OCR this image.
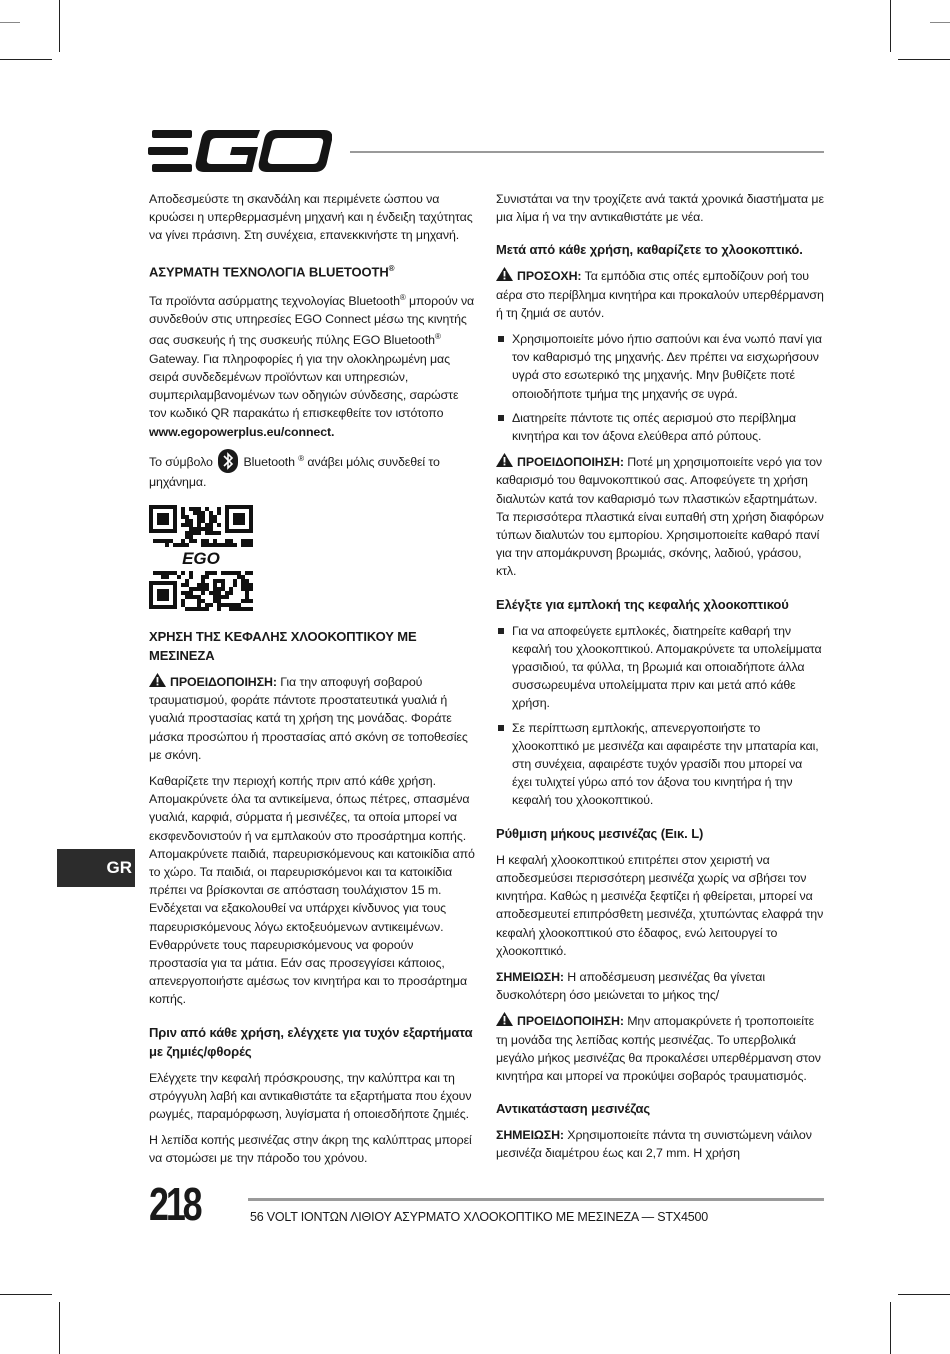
GR

Αποδεσμεύστε τη σκανδάλη και περιμένετε ώσπου να κρυώσει η υπερθερμασμένη μηχανή και η ένδειξη ταχύτητας να γίνει πράσινη. Στη συνέχεια, επανεκκινήστε τη μηχανή.

ΑΣΥΡΜΑΤΗ ΤΕΧΝΟΛΟΓΙΑ BLUETOOTH®

Τα προϊόντα ασύρματης τεχνολογίας Bluetooth® μπορούν να συνδεθούν στις υπηρεσίες EGO Connect μέσω της κινητής σας συσκευής ή της συσκευής πύλης EGO Bluetooth® Gateway. Για πληροφορίες ή για την ολοκληρωμένη μας σειρά συνδεδεμένων προϊόντων και υπηρεσιών, συμπεριλαμβανομένων των οδηγιών σύνδεσης, σαρώστε τον κωδικό QR παρακάτω ή επισκεφθείτε τον ιστότοπο www.egopowerplus.eu/connect.

Το σύμβολο Bluetooth ® ανάβει μόλις συνδεθεί το μηχάνημα.

EGO
ΧΡΗΣΗ ΤΗΣ ΚΕΦΑΛΗΣ ΧΛΟΟΚΟΠΤΙΚΟΥ ΜΕ ΜΕΣΙΝΕΖΑ

ΠΡΟΕΙΔΟΠΟΙΗΣΗ: Για την αποφυγή σοβαρού τραυματισμού, φοράτε πάντοτε προστατευτικά γυαλιά ή γυαλιά προστασίας κατά τη χρήση της μονάδας. Φοράτε μάσκα προσώπου ή προστασίας από σκόνη σε τοποθεσίες με σκόνη.

Καθαρίζετε την περιοχή κοπής πριν από κάθε χρήση. Απομακρύνετε όλα τα αντικείμενα, όπως πέτρες, σπασμένα γυαλιά, καρφιά, σύρματα ή μεσινέζες, τα οποία μπορεί να εκσφενδονιστούν ή να εμπλακούν στο προσάρτημα κοπής. Απομακρύνετε παιδιά, παρευρισκόμενους και κατοικίδια από το χώρο. Τα παιδιά, οι παρευρισκόμενοι και τα κατοικίδια πρέπει να βρίσκονται σε απόσταση τουλάχιστον 15 m. Ενδέχεται να εξακολουθεί να υπάρχει κίνδυνος για τους παρευρισκόμενους λόγω εκτοξευόμενων αντικειμένων. Ενθαρρύνετε τους παρευρισκόμενους να φορούν προστασία για τα μάτια. Εάν σας προσεγγίσει κάποιος, απενεργοποιήστε αμέσως τον κινητήρα και το προσάρτημα κοπής.

Πριν από κάθε χρήση, ελέγχετε για τυχόν εξαρτήματα με ζημιές/φθορές

Ελέγχετε την κεφαλή πρόσκρουσης, την καλύπτρα και τη στρόγγυλη λαβή και αντικαθιστάτε τα εξαρτήματα που έχουν ρωγμές, παραμόρφωση, λυγίσματα ή οποιεσδήποτε ζημιές.

Η λεπίδα κοπής μεσινέζας στην άκρη της καλύπτρας μπορεί να στομώσει με την πάροδο του χρόνου.

Συνιστάται να την τροχίζετε ανά τακτά χρονικά διαστήματα με μια λίμα ή να την αντικαθιστάτε με νέα.

Μετά από κάθε χρήση, καθαρίζετε το χλοοκοπτικό.

ΠΡΟΣΟΧΗ: Τα εμπόδια στις οπές εμποδίζουν ροή του αέρα στο περίβλημα κινητήρα και προκαλούν υπερθέρμανση ή τη ζημιά σε αυτόν.

Χρησιμοποιείτε μόνο ήπιο σαπούνι και ένα νωπό πανί για τον καθαρισμό της μηχανής. Δεν πρέπει να εισχωρήσουν υγρά στο εσωτερικό της μηχανής. Μην βυθίζετε ποτέ οποιοδήποτε τμήμα της μηχανής σε υγρά.
Διατηρείτε πάντοτε τις οπές αερισμού στο περίβλημα κινητήρα και τον άξονα ελεύθερα από ρύπους.

ΠΡΟΕΙΔΟΠΟΙΗΣΗ: Ποτέ μη χρησιμοποιείτε νερό για τον καθαρισμό του θαμνοκοπτικού σας. Αποφεύγετε τη χρήση διαλυτών κατά τον καθαρισμό των πλαστικών εξαρτημάτων. Τα περισσότερα πλαστικά είναι ευπαθή στη χρήση διαφόρων τύπων διαλυτών του εμπορίου. Χρησιμοποιείτε καθαρό πανί για την απομάκρυνση βρωμιάς, σκόνης, λαδιού, γράσου, κτλ.

Ελέγξτε για εμπλοκή της κεφαλής χλοοκοπτικού
Για να αποφεύγετε εμπλοκές, διατηρείτε καθαρή την κεφαλή του χλοοκοπτικού. Απομακρύνετε τα υπολείμματα γρασιδιού, τα φύλλα, τη βρωμιά και οποιαδήποτε άλλα συσσωρευμένα υπολείμματα πριν και μετά από κάθε χρήση.
Σε περίπτωση εμπλοκής, απενεργοποιήστε το χλοοκοπτικό με μεσινέζα και αφαιρέστε την μπαταρία και, στη συνέχεια, αφαιρέστε τυχόν γρασίδι που μπορεί να έχει τυλιχτεί γύρω από τον άξονα του κινητήρα ή την κεφαλή του χλοοκοπτικού.
Ρύθμιση μήκους μεσινέζας (Εικ. L)

Η κεφαλή χλοοκοπτικού επιτρέπει στον χειριστή να αποδεσμεύσει περισσότερη μεσινέζα χωρίς να σβήσει τον κινητήρα. Καθώς η μεσινέζα ξεφτίζει ή φθείρεται, μπορεί να αποδεσμευτεί επιπρόσθετη μεσινέζα, χτυπώντας ελαφρά την κεφαλή χλοοκοπτικού στο έδαφος, ενώ λειτουργεί το χλοοκοπτικό.

ΣΗΜΕΙΩΣΗ: Η αποδέσμευση μεσινέζας θα γίνεται δυσκολότερη όσο μειώνεται το μήκος της/

ΠΡΟΕΙΔΟΠΟΙΗΣΗ: Μην απομακρύνετε ή τροποποιείτε τη μονάδα της λεπίδας κοπής μεσινέζας. Το υπερβολικά μεγάλο μήκος μεσινέζας θα προκαλέσει υπερθέρμανση στον κινητήρα και μπορεί να προκύψει σοβαρός τραυματισμός.

Αντικατάσταση μεσινέζας

ΣΗΜΕΙΩΣΗ: Χρησιμοποιείτε πάντα τη συνιστώμενη νάιλον μεσινέζα διαμέτρου έως και 2,7 mm. Η χρήση

218	56 VOLT ΙΟΝΤΩΝ ΛΙΘΙΟΥ ΑΣΥΡΜΑΤΟ ΧΛΟΟΚΟΠΤΙΚΟ ΜΕ ΜΕΣΙΝΕΖΑ — STX4500
